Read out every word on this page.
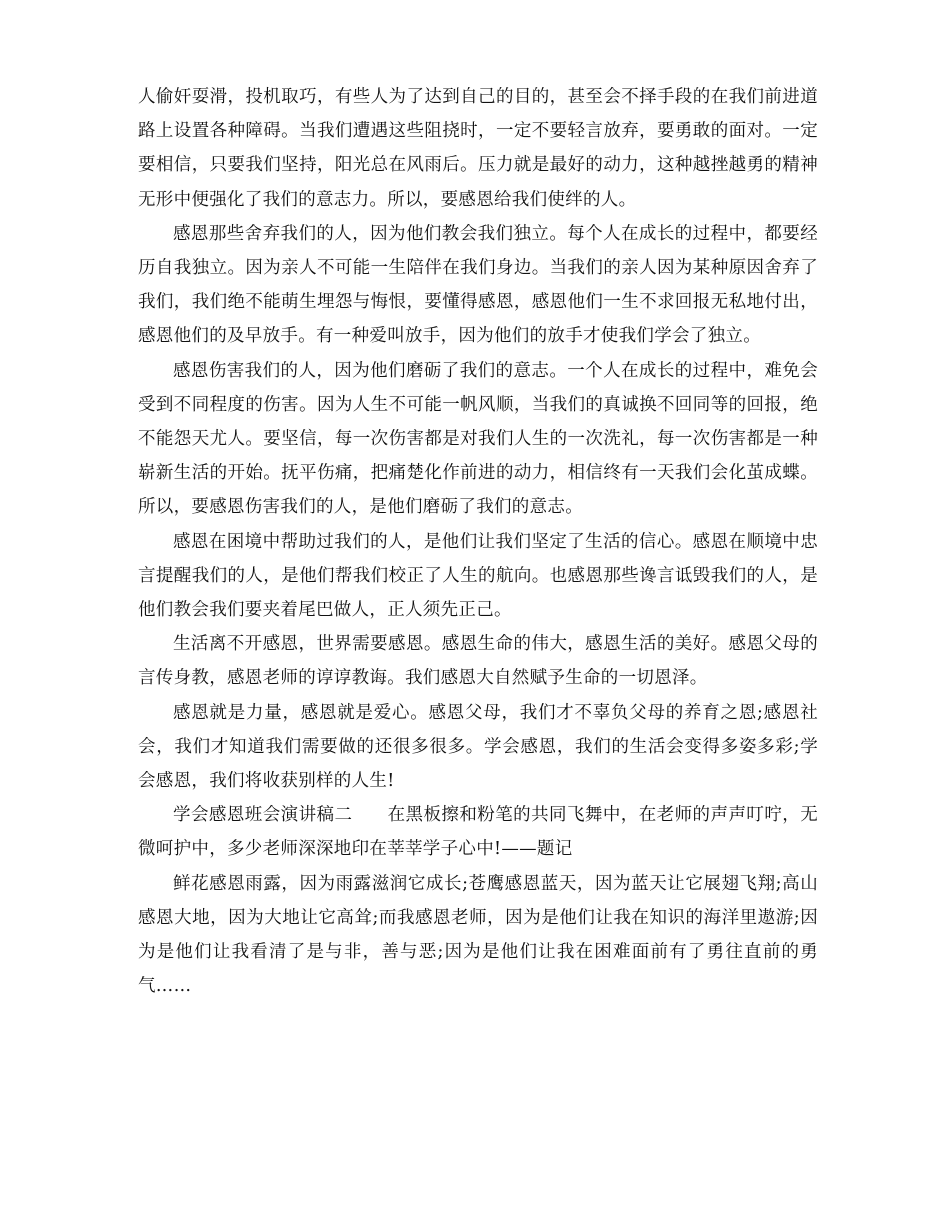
人偷奸耍滑，投机取巧，有些人为了达到自己的目的，甚至会不择手段的在我们前进道路上设置各种障碍。当我们遭遇这些阻挠时，一定不要轻言放弃，要勇敢的面对。一定要相信，只要我们坚持，阳光总在风雨后。压力就是最好的动力，这种越挫越勇的精神无形中便强化了我们的意志力。所以，要感恩给我们使绊的人。

感恩那些舍弃我们的人，因为他们教会我们独立。每个人在成长的过程中，都要经历自我独立。因为亲人不可能一生陪伴在我们身边。当我们的亲人因为某种原因舍弃了我们，我们绝不能萌生埋怨与悔恨，要懂得感恩，感恩他们一生不求回报无私地付出，感恩他们的及早放手。有一种爱叫放手，因为他们的放手才使我们学会了独立。

感恩伤害我们的人，因为他们磨砺了我们的意志。一个人在成长的过程中，难免会受到不同程度的伤害。因为人生不可能一帆风顺，当我们的真诚换不回同等的回报，绝不能怨天尤人。要坚信，每一次伤害都是对我们人生的一次洗礼，每一次伤害都是一种崭新生活的开始。抚平伤痛，把痛楚化作前进的动力，相信终有一天我们会化茧成蝶。所以，要感恩伤害我们的人，是他们磨砺了我们的意志。

感恩在困境中帮助过我们的人，是他们让我们坚定了生活的信心。感恩在顺境中忠言提醒我们的人，是他们帮我们校正了人生的航向。也感恩那些谗言诋毁我们的人，是他们教会我们要夹着尾巴做人，正人须先正己。

生活离不开感恩，世界需要感恩。感恩生命的伟大，感恩生活的美好。感恩父母的言传身教，感恩老师的谆谆教诲。我们感恩大自然赋予生命的一切恩泽。

感恩就是力量，感恩就是爱心。感恩父母，我们才不辜负父母的养育之恩;感恩社会，我们才知道我们需要做的还很多很多。学会感恩，我们的生活会变得多姿多彩;学会感恩，我们将收获别样的人生!

学会感恩班会演讲稿二 在黑板擦和粉笔的共同飞舞中，在老师的声声叮咛，无微呵护中，多少老师深深地印在莘莘学子心中!——题记

鲜花感恩雨露，因为雨露滋润它成长;苍鹰感恩蓝天，因为蓝天让它展翅飞翔;高山感恩大地，因为大地让它高耸;而我感恩老师，因为是他们让我在知识的海洋里遨游;因为是他们让我看清了是与非，善与恶;因为是他们让我在困难面前有了勇往直前的勇气……
